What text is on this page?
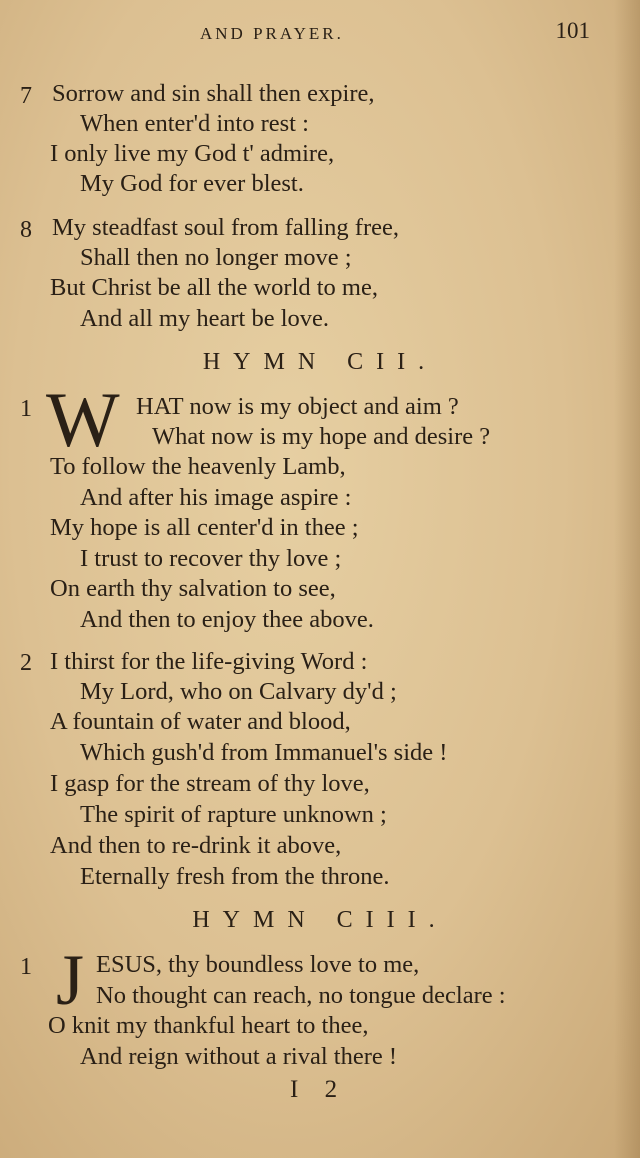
AND PRAYER.	101
7 Sorrow and sin shall then expire,
When enter'd into rest :
I only live my God t' admire,
My God for ever blest.
8 My steadfast soul from falling free,
Shall then no longer move ;
But Christ be all the world to me,
And all my heart be love.
HYMN CII.
1 W HAT now is my object and aim ?
What now is my hope and desire ?
To follow the heavenly Lamb,
And after his image aspire :
My hope is all center'd in thee ;
I trust to recover thy love ;
On earth thy salvation to see,
And then to enjoy thee above.
2 I thirst for the life-giving Word :
My Lord, who on Calvary dy'd ;
A fountain of water and blood,
Which gush'd from Immanuel's side !
I gasp for the stream of thy love,
The spirit of rapture unknown ;
And then to re-drink it above,
Eternally fresh from the throne.
HYMN CIII.
1 J ESUS, thy boundless love to me,
No thought can reach, no tongue declare :
O knit my thankful heart to thee,
And reign without a rival there !
I 2
